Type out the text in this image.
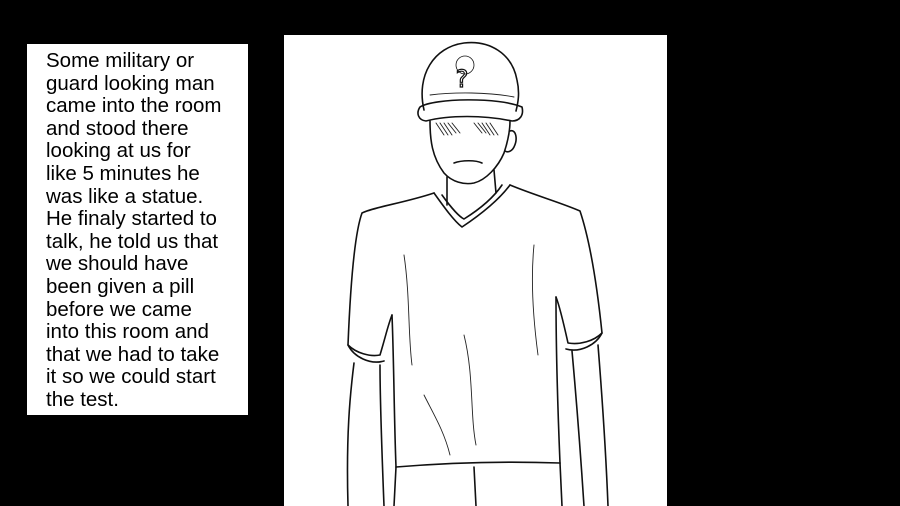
Some military or
guard looking man
came into the room
and stood there
looking at us for
like 5 minutes he
was like a statue.
He finaly started to
talk, he told us that
we should have
been given a pill
before we came
into this room and
that we had to take
it so we could start
the test.
?
